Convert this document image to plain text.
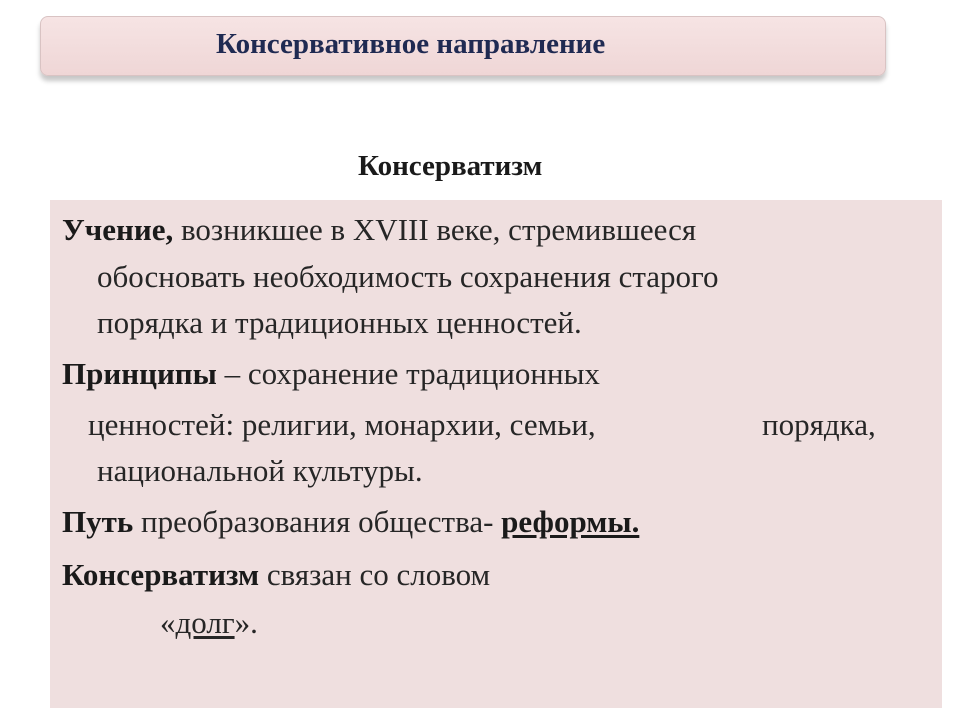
Консервативное направление
Консерватизм
Учение, возникшее в XVIII веке, стремившееся
обосновать необходимость сохранения старого
порядка и традиционных ценностей.
Принципы – сохранение традиционных
ценностей: религии, монархии, семьи,	порядка,
национальной культуры.
Путь преобразования общества- реформы.
Консерватизм связан со словом
«долг».
